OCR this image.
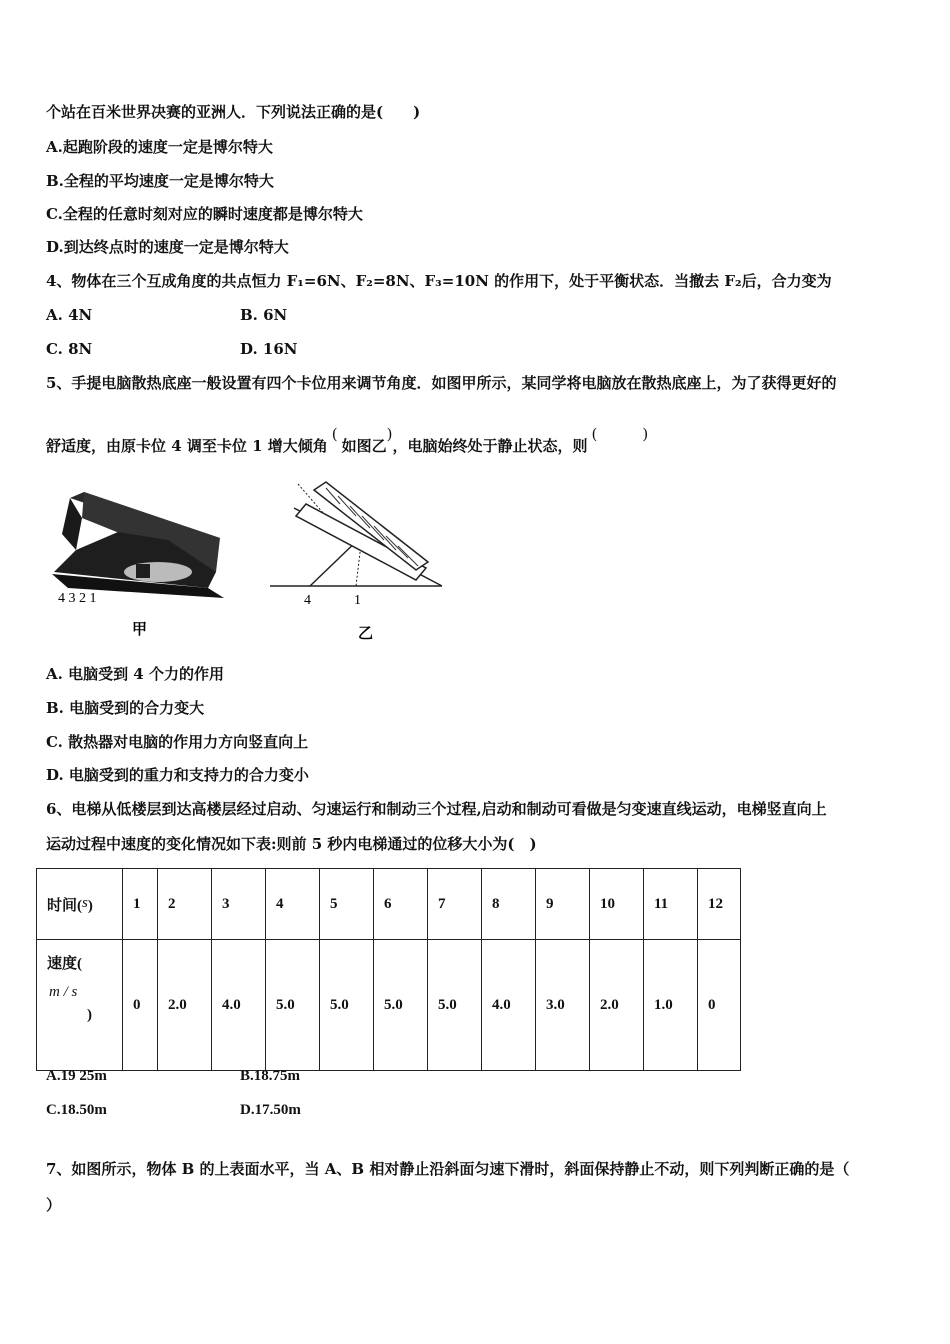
个站在百米世界决赛的亚洲人．下列说法正确的是(　　)
A.起跑阶段的速度一定是博尔特大
B.全程的平均速度一定是博尔特大
C.全程的任意时刻对应的瞬时速度都是博尔特大
D.到达终点时的速度一定是博尔特大
4、物体在三个互成角度的共点恒力 F₁=6N、F₂=8N、F₃=10N 的作用下，处于平衡状态．当撤去 F₂后，合力变为
A. 4N	B. 6N
C. 8N	D. 16N
5、手提电脑散热底座一般设置有四个卡位用来调节角度．如图甲所示，某同学将电脑放在散热底座上，为了获得更好的
舒适度，由原卡位 4 调至卡位 1 增大倾角(如图乙)，电脑始终处于静止状态，则(　　　)
4 3 2 1
甲
4	1
乙
A. 电脑受到 4 个力的作用
B. 电脑受到的合力变大
C. 散热器对电脑的作用力方向竖直向上
D. 电脑受到的重力和支持力的合力变小
6、电梯从低楼层到达高楼层经过启动、匀速运行和制动三个过程,启动和制动可看做是匀变速直线运动，电梯竖直向上
运动过程中速度的变化情况如下表:则前 5 秒内电梯通过的位移大小为(　)
时间(s)	1	2	3	4	5	6	7	8	9	10	11	12

速度(
m / s
)	0	2.0	4.0	5.0	5.0	5.0	5.0	4.0	3.0	2.0	1.0	0
A.19 25m	B.18.75m
C.18.50m	D.17.50m
7、如图所示，物体 B 的上表面水平，当 A、B 相对静止沿斜面匀速下滑时，斜面保持静止不动，则下列判断正确的是（
）
